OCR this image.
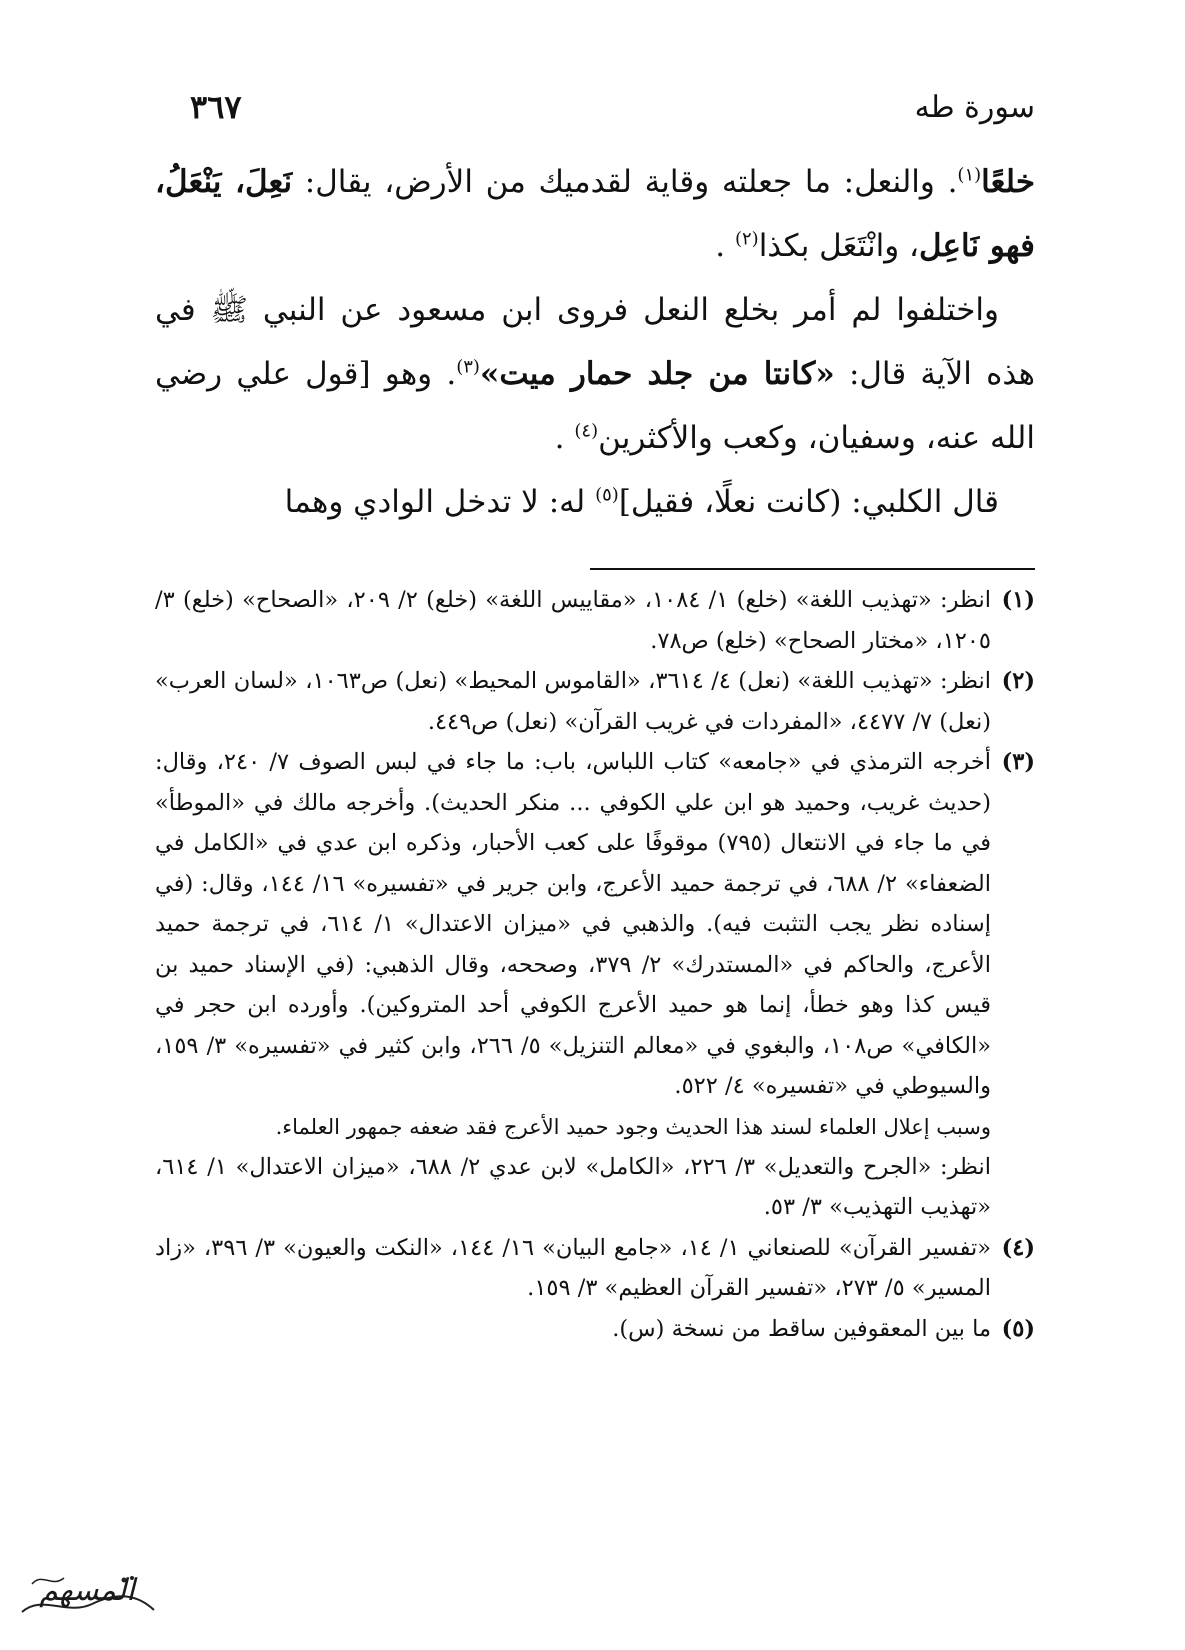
سورة طه
٣٦٧

خلعًا$^{(١)}$. والنعل: ما جعلته وقاية لقدميك من الأرض، يقال: نَعِلَ، يَنْعَلُ، فهو نَاعِل، وانْتَعَل بكذا$^{(٢)}$ .

واختلفوا لم أمر بخلع النعل فروى ابن مسعود عن النبي ﷺ في هذه الآية قال: «كانتا من جلد حمار ميت»$^{(٣)}$. وهو [قول علي رضي الله عنه، وسفيان، وكعب والأكثرين$^{(٤)}$ .

قال الكلبي: (كانت نعلًا، فقيل]$^{(٥)}$ له: لا تدخل الوادي وهما

(١)

انظر: «تهذيب اللغة» (خلع) ١/ ١٠٨٤، «مقاييس اللغة» (خلع) ٢/ ٢٠٩، «الصحاح» (خلع) ٣/ ١٢٠٥، «مختار الصحاح» (خلع) ص٧٨.

(٢)

انظر: «تهذيب اللغة» (نعل) ٤/ ٣٦١٤، «القاموس المحيط» (نعل) ص١٠٦٣، «لسان العرب» (نعل) ٧/ ٤٤٧٧، «المفردات في غريب القرآن» (نعل) ص٤٤٩.

(٣)

أخرجه الترمذي في «جامعه» كتاب اللباس، باب: ما جاء في لبس الصوف ٧/ ٢٤٠، وقال: (حديث غريب، وحميد هو ابن علي الكوفي ... منكر الحديث). وأخرجه مالك في «الموطأ» في ما جاء في الانتعال (٧٩٥) موقوفًا على كعب الأحبار، وذكره ابن عدي في «الكامل في الضعفاء» ٢/ ٦٨٨، في ترجمة حميد الأعرج، وابن جرير في «تفسيره» ١٦/ ١٤٤، وقال: (في إسناده نظر يجب التثبت فيه). والذهبي في «ميزان الاعتدال» ١/ ٦١٤، في ترجمة حميد الأعرج، والحاكم في «المستدرك» ٢/ ٣٧٩، وصححه، وقال الذهبي: (في الإسناد حميد بن قيس كذا وهو خطأ، إنما هو حميد الأعرج الكوفي أحد المتروكين). وأورده ابن حجر في «الكافي» ص١٠٨، والبغوي في «معالم التنزيل» ٥/ ٢٦٦، وابن كثير في «تفسيره» ٣/ ١٥٩، والسيوطي في «تفسيره» ٤/ ٥٢٢.

وسبب إعلال العلماء لسند هذا الحديث وجود حميد الأعرج فقد ضعفه جمهور العلماء.

انظر: «الجرح والتعديل» ٣/ ٢٢٦، «الكامل» لابن عدي ٢/ ٦٨٨، «ميزان الاعتدال» ١/ ٦١٤، «تهذيب التهذيب» ٣/ ٥٣.

(٤)

«تفسير القرآن» للصنعاني ١/ ١٤، «جامع البيان» ١٦/ ١٤٤، «النكت والعيون» ٣/ ٣٩٦، «زاد المسير» ٥/ ٢٧٣، «تفسير القرآن العظيم» ٣/ ١٥٩.

(٥)

ما بين المعقوفين ساقط من نسخة (س).

المسهم
